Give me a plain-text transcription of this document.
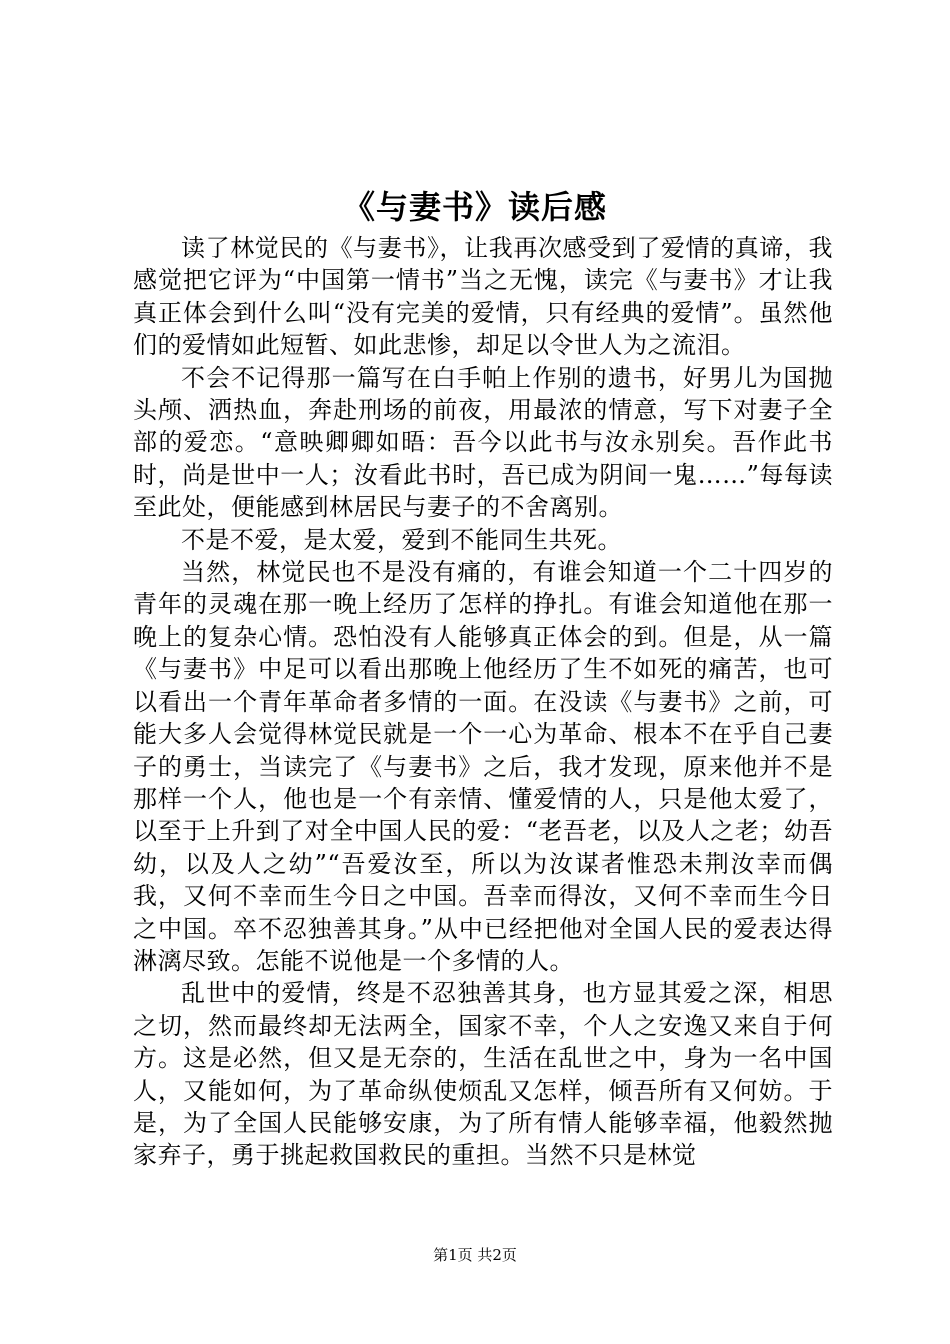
《与妻书》读后感

读了林觉民的《与妻书》，让我再次感受到了爱情的真谛，我感觉把它评为“中国第一情书”当之无愧，读完《与妻书》才让我真正体会到什么叫“没有完美的爱情，只有经典的爱情”。虽然他们的爱情如此短暂、如此悲惨，却足以令世人为之流泪。

不会不记得那一篇写在白手帕上作别的遗书，好男儿为国抛头颅、洒热血，奔赴刑场的前夜，用最浓的情意，写下对妻子全部的爱恋。“意映卿卿如晤：吾今以此书与汝永别矣。吾作此书时，尚是世中一人；汝看此书时，吾已成为阴间一鬼……”每每读至此处，便能感到林居民与妻子的不舍离别。

不是不爱，是太爱，爱到不能同生共死。

当然，林觉民也不是没有痛的，有谁会知道一个二十四岁的青年的灵魂在那一晚上经历了怎样的挣扎。有谁会知道他在那一晚上的复杂心情。恐怕没有人能够真正体会的到。但是，从一篇《与妻书》中足可以看出那晚上他经历了生不如死的痛苦，也可以看出一个青年革命者多情的一面。在没读《与妻书》之前，可能大多人会觉得林觉民就是一个一心为革命、根本不在乎自己妻子的勇士，当读完了《与妻书》之后，我才发现，原来他并不是那样一个人，他也是一个有亲情、懂爱情的人，只是他太爱了，以至于上升到了对全中国人民的爱：“老吾老，以及人之老；幼吾幼，以及人之幼”“吾爱汝至，所以为汝谋者惟恐未荆汝幸而偶我，又何不幸而生今日之中国。吾幸而得汝，又何不幸而生今日之中国。卒不忍独善其身。”从中已经把他对全国人民的爱表达得淋漓尽致。怎能不说他是一个多情的人。

乱世中的爱情，终是不忍独善其身，也方显其爱之深，相思之切，然而最终却无法两全，国家不幸，个人之安逸又来自于何方。这是必然，但又是无奈的，生活在乱世之中，身为一名中国人，又能如何，为了革命纵使烦乱又怎样，倾吾所有又何妨。于是，为了全国人民能够安康，为了所有情人能够幸福，他毅然抛家弃子，勇于挑起救国救民的重担。当然不只是林觉

第1页 共2页
